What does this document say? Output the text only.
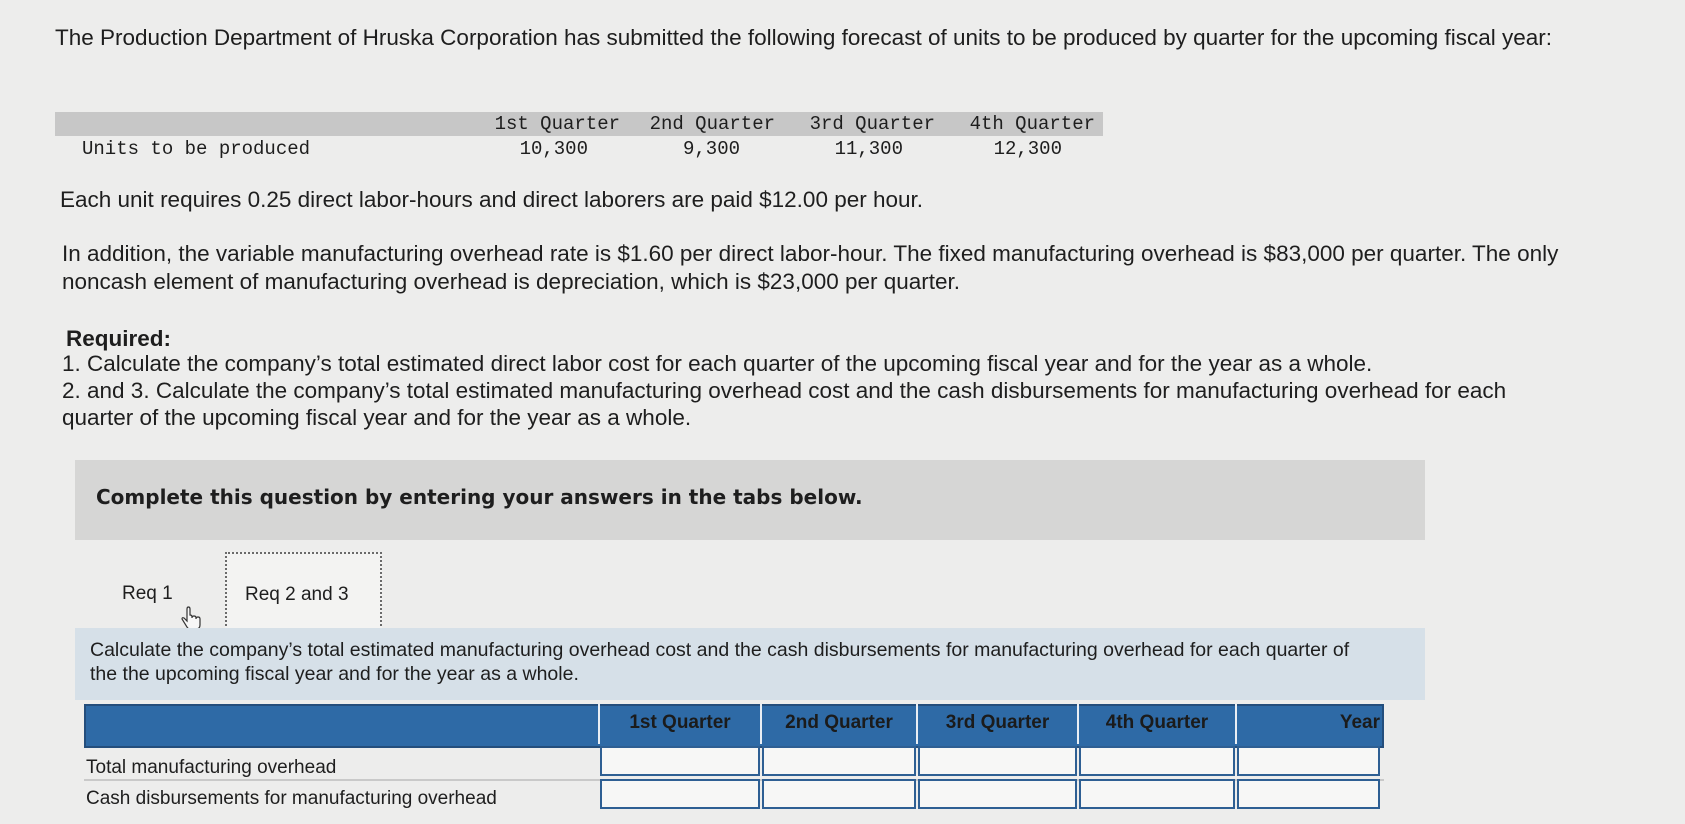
The Production Department of Hruska Corporation has submitted the following forecast of units to be produced by quarter for the upcoming fiscal year:
1st Quarter	2nd Quarter	3rd Quarter	4th Quarter
Units to be produced	10,300	9,300	11,300	12,300
Each unit requires 0.25 direct labor-hours and direct laborers are paid $12.00 per hour.
In addition, the variable manufacturing overhead rate is $1.60 per direct labor-hour. The fixed manufacturing overhead is $83,000 per quarter. The only noncash element of manufacturing overhead is depreciation, which is $23,000 per quarter.
Required:
1. Calculate the company’s total estimated direct labor cost for each quarter of the upcoming fiscal year and for the year as a whole.
2. and 3. Calculate the company’s total estimated manufacturing overhead cost and the cash disbursements for manufacturing overhead for each quarter of the upcoming fiscal year and for the year as a whole.
Complete this question by entering your answers in the tabs below.
Req 1	Req 2 and 3
Calculate the company’s total estimated manufacturing overhead cost and the cash disbursements for manufacturing overhead for each quarter of the the upcoming fiscal year and for the year as a whole.
1st Quarter	2nd Quarter	3rd Quarter	4th Quarter	Year
Total manufacturing overhead
Cash disbursements for manufacturing overhead
